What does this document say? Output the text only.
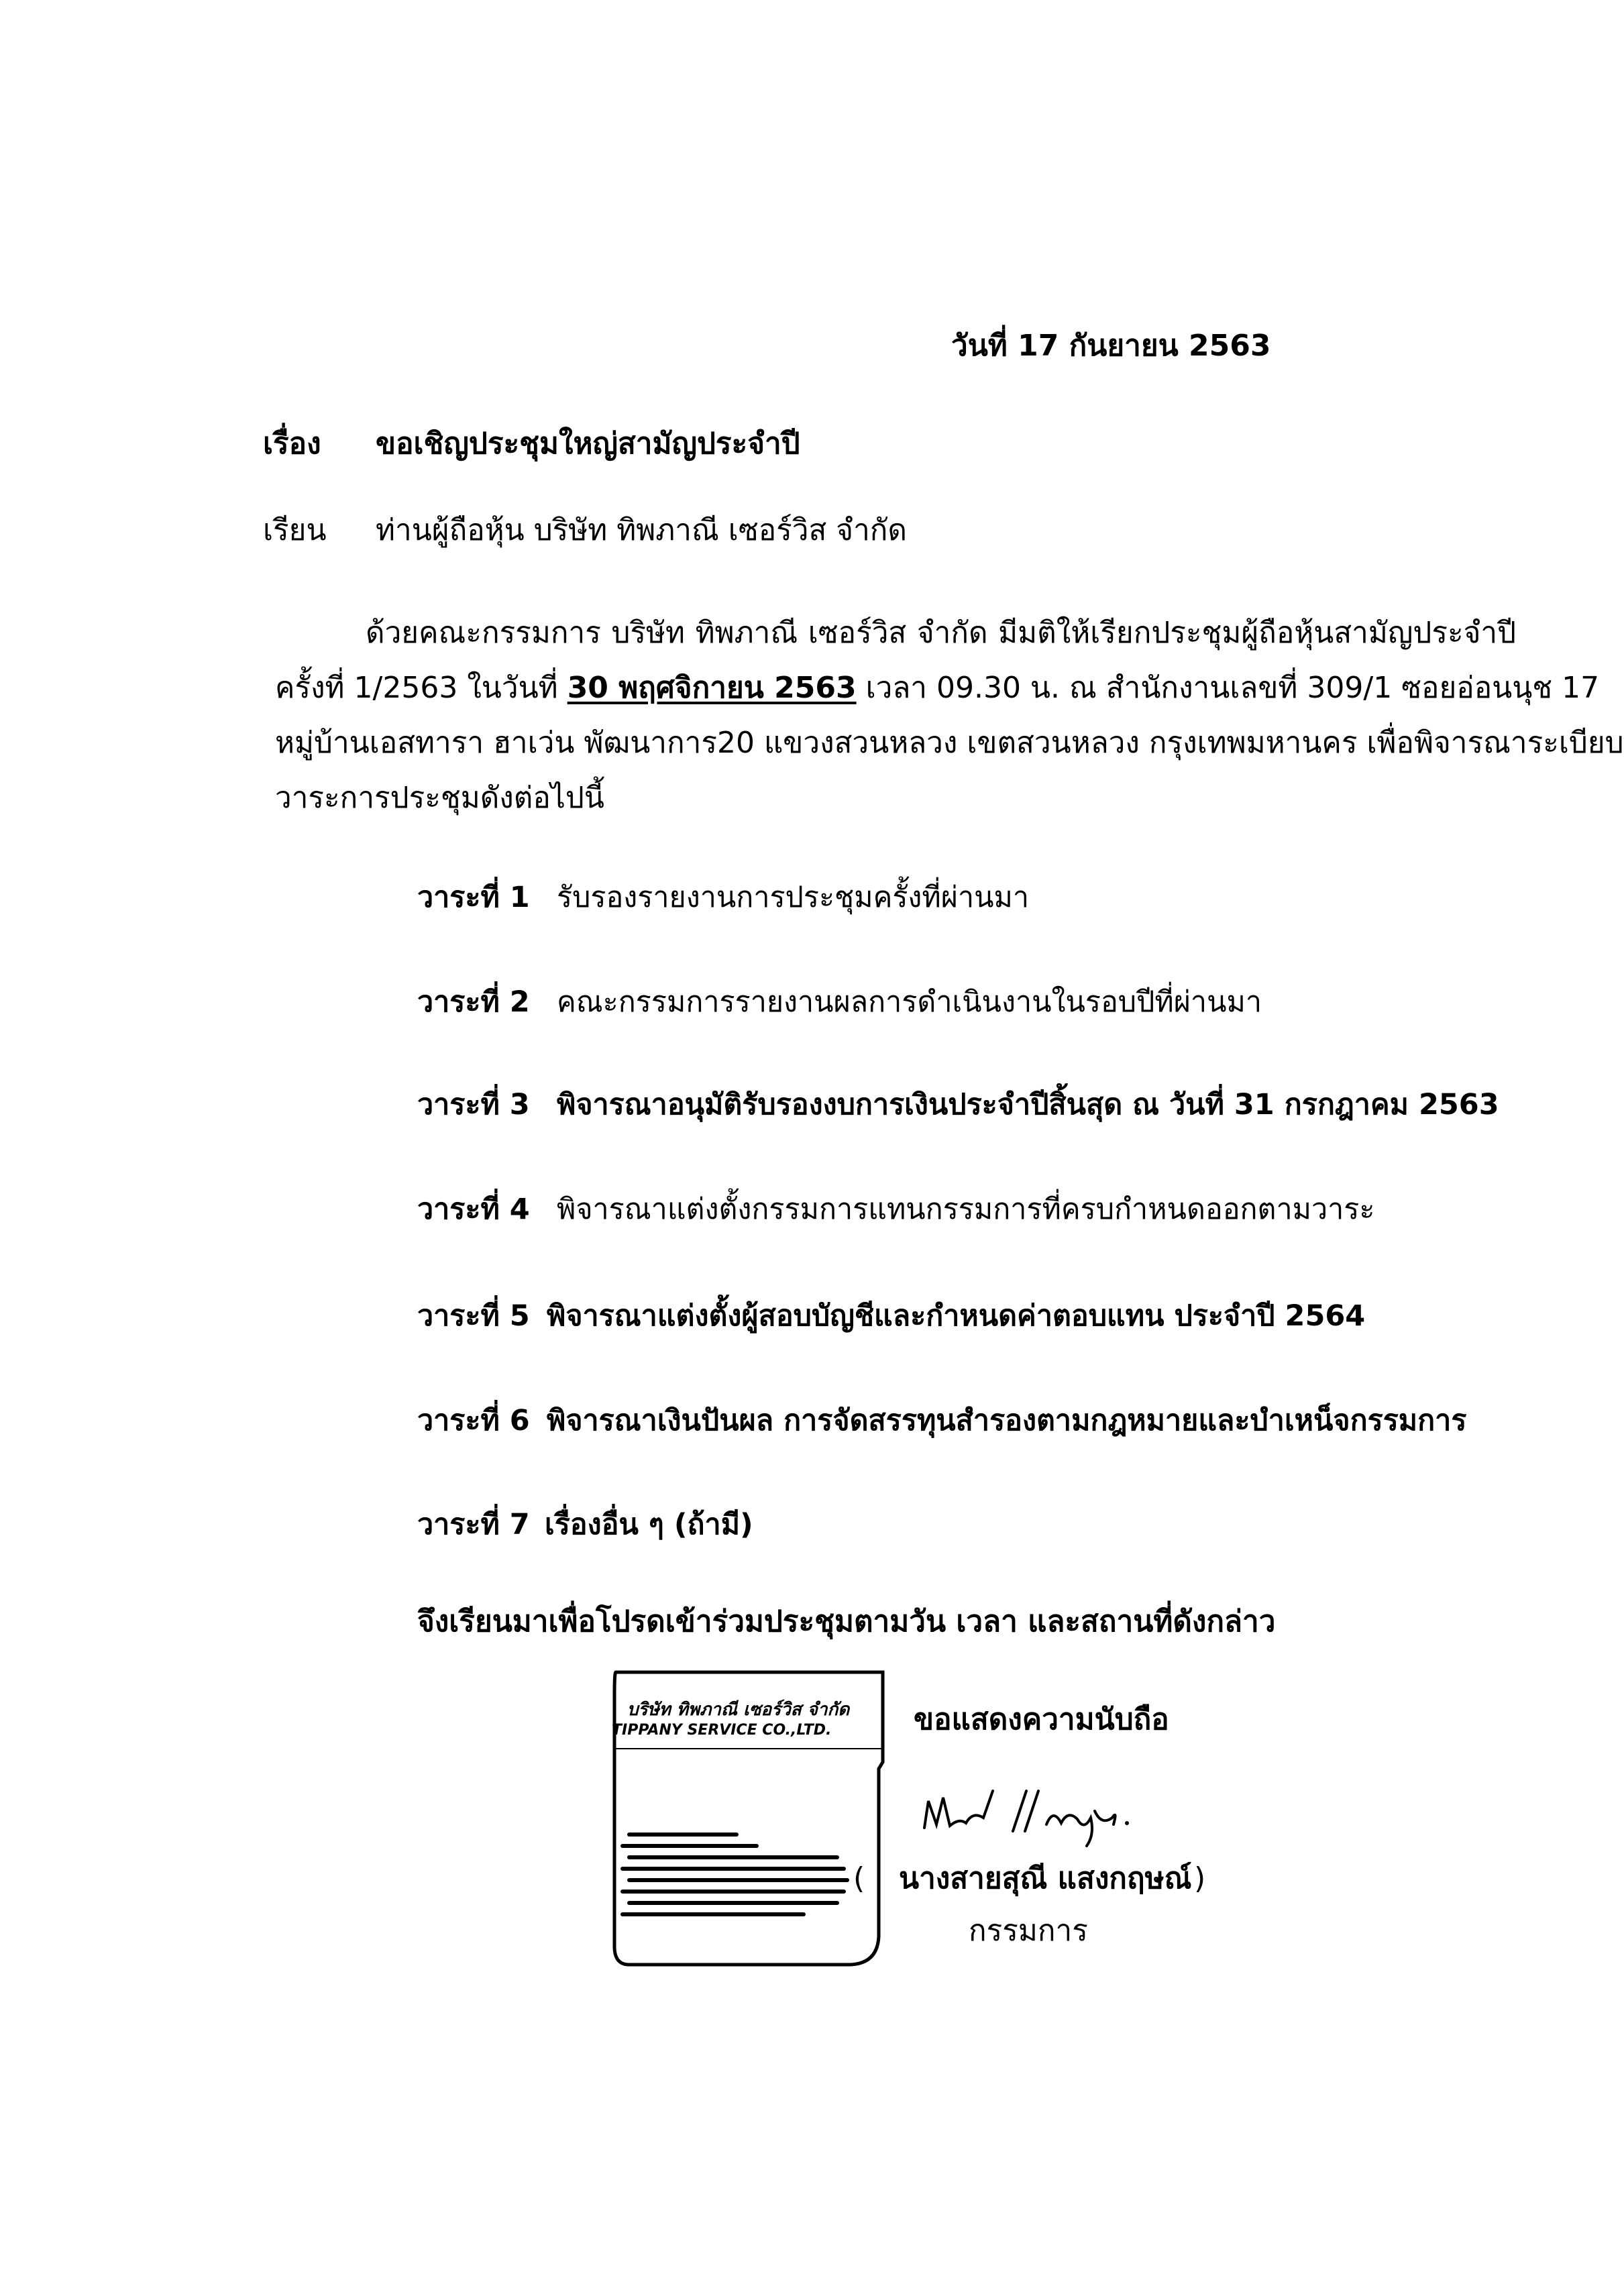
วันที่ 17 กันยายน 2563
เรื่อง ขอเชิญประชุมใหญ่สามัญประจำปี
เรียน ท่านผู้ถือหุ้น บริษัท ทิพภาณี เซอร์วิส จำกัด
ด้วยคณะกรรมการ บริษัท ทิพภาณี เซอร์วิส จำกัด มีมติให้เรียกประชุมผู้ถือหุ้นสามัญประจำปี
ครั้งที่ 1/2563 ในวันที่ 30 พฤศจิกายน 2563 เวลา 09.30 น. ณ สำนักงานเลขที่ 309/1 ซอยอ่อนนุช 17
หมู่บ้านเอสทารา ฮาเว่น พัฒนาการ20 แขวงสวนหลวง เขตสวนหลวง กรุงเทพมหานคร เพื่อพิจารณาระเบียบ
วาระการประชุมดังต่อไปนี้
วาระที่ 1 รับรองรายงานการประชุมครั้งที่ผ่านมา
วาระที่ 2 คณะกรรมการรายงานผลการดำเนินงานในรอบปีที่ผ่านมา
วาระที่ 3 พิจารณาอนุมัติรับรองงบการเงินประจำปีสิ้นสุด ณ วันที่ 31 กรกฎาคม 2563
วาระที่ 4 พิจารณาแต่งตั้งกรรมการแทนกรรมการที่ครบกำหนดออกตามวาระ
วาระที่ 5 พิจารณาแต่งตั้งผู้สอบบัญชีและกำหนดค่าตอบแทน ประจำปี 2564
วาระที่ 6 พิจารณาเงินปันผล การจัดสรรทุนสำรองตามกฎหมายและบำเหน็จกรรมการ
วาระที่ 7 เรื่องอื่น ๆ (ถ้ามี)
จึงเรียนมาเพื่อโปรดเข้าร่วมประชุมตามวัน เวลา และสถานที่ดังกล่าว
บริษัท ทิพภาณี เซอร์วิส จำกัด
TIPPANY SERVICE CO.,LTD.	ขอแสดงความนับถือ
( นางสายสุณี แสงกฤษณ์ )
กรรมการ
